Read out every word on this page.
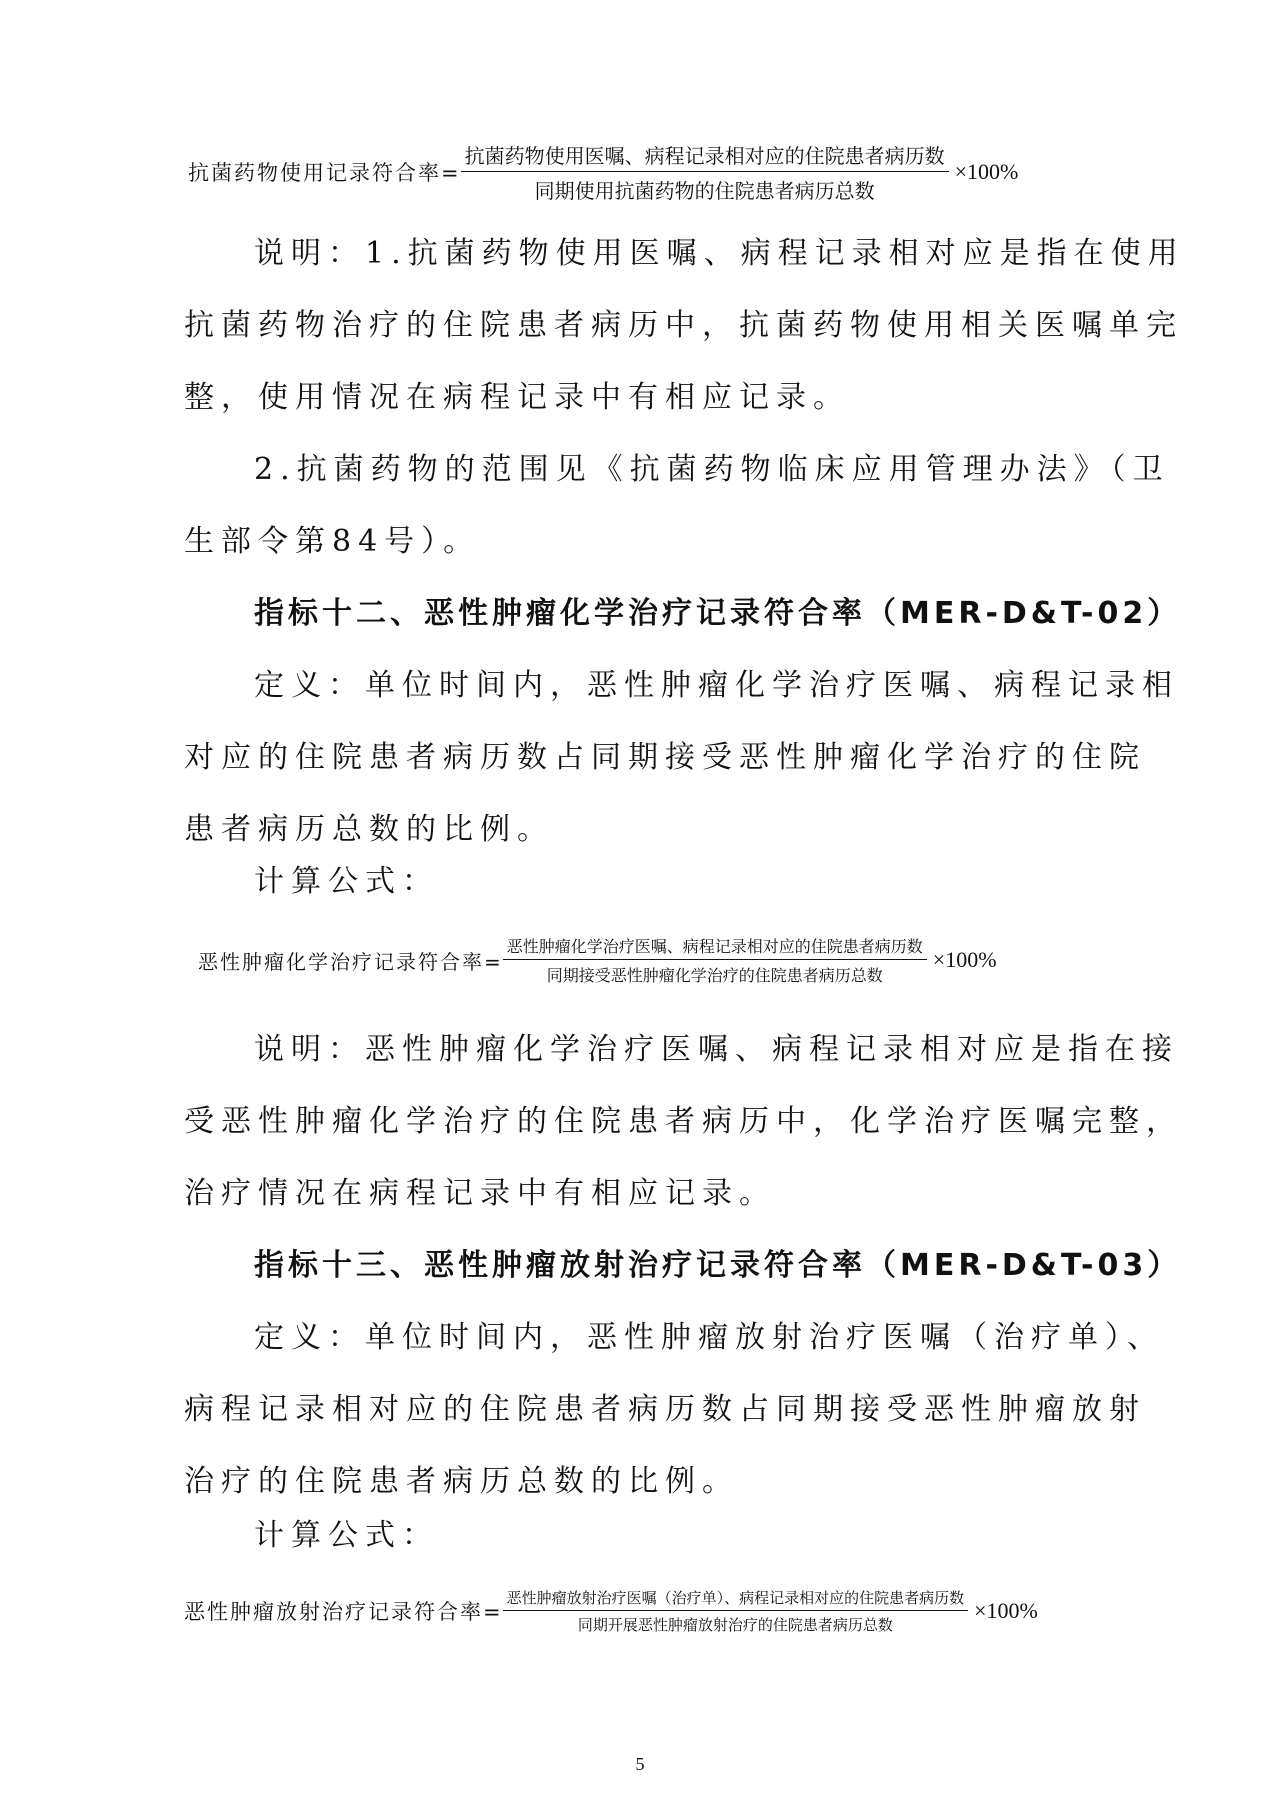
抗菌药物使用记录符合率= $\frac{\text{抗菌药物使用医嘱、病程记录相对应的住院患者病历数}}{\text{同期使用抗菌药物的住院患者病历总数}} \times 100\%$
说明：1.抗菌药物使用医嘱、病程记录相对应是指在使用
抗菌药物治疗的住院患者病历中，抗菌药物使用相关医嘱单完
整，使用情况在病程记录中有相应记录。
2.抗菌药物的范围见《抗菌药物临床应用管理办法》（卫
生部令第84号）。
指标十二、恶性肿瘤化学治疗记录符合率（MER-D&T-02）
定义：单位时间内，恶性肿瘤化学治疗医嘱、病程记录相
对应的住院患者病历数占同期接受恶性肿瘤化学治疗的住院
患者病历总数的比例。
计算公式：
恶性肿瘤化学治疗记录符合率= $\frac{\text{恶性肿瘤化学治疗医嘱、病程记录相对应的住院患者病历数}}{\text{同期接受恶性肿瘤化学治疗的住院患者病历总数}} \times 100\%$
说明：恶性肿瘤化学治疗医嘱、病程记录相对应是指在接
受恶性肿瘤化学治疗的住院患者病历中，化学治疗医嘱完整，
治疗情况在病程记录中有相应记录。
指标十三、恶性肿瘤放射治疗记录符合率（MER-D&T-03）
定义：单位时间内，恶性肿瘤放射治疗医嘱（治疗单）、
病程记录相对应的住院患者病历数占同期接受恶性肿瘤放射
治疗的住院患者病历总数的比例。
计算公式：
恶性肿瘤放射治疗记录符合率= $\frac{\text{恶性肿瘤放射治疗医嘱（治疗单）、病程记录相对应的住院患者病历数}}{\text{同期开展恶性肿瘤放射治疗的住院患者病历总数}} \times 100\%$
5
